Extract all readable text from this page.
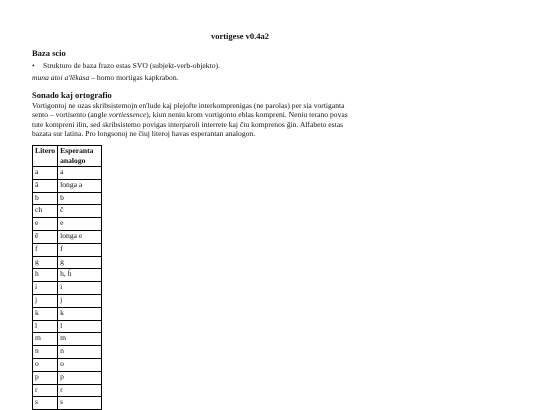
vortigese v0.4a2
Baza scio
• Strukturo de baza frazo estas SVO (subjekt-verb-objekto).
muna atoi a'lēkasa – homo mortigas kapkrabon.
Sonado kaj ortografio
Vortigontoj ne uzas skribsistemojn en'lude kaj plejofte interkomprenigas (ne parolas) per sia vortiganta
sento – vortisento (angle vortiessence), kiun neniu krom vortigonto eblas kompreni. Neniu terano povas
tute kompreni ilin, sed skribsistemo povigas interparoli interrete kaj ĉiu komprenos ĝin. Alfabeto estas
bazata sur latina. Pro longsonoj ne ĉiuj literoj havas esperantan analogon.
Litero	Esperanta analogo
a	a
ā	longa a
b	b
ch	č
e	e
ē	longa e
f	f
g	g
h	h, ĥ
i	i
j	j
k	k
l	l
m	m
n	n
o	o
p	p
r	r
s	s
